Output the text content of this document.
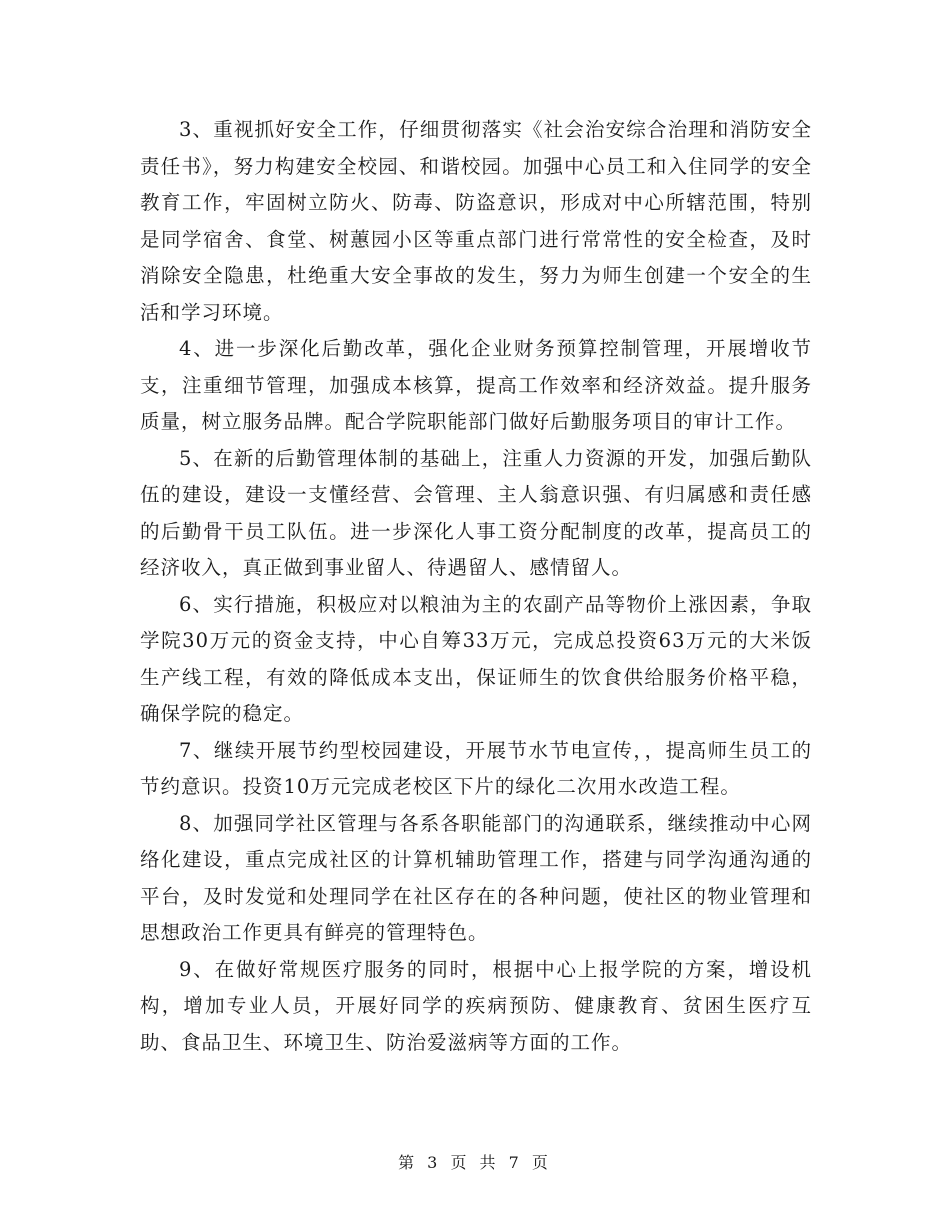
3、重视抓好安全工作，仔细贯彻落实《社会治安综合治理和消防安全责任书》，努力构建安全校园、和谐校园。加强中心员工和入住同学的安全教育工作，牢固树立防火、防毒、防盗意识，形成对中心所辖范围，特别是同学宿舍、食堂、树蕙园小区等重点部门进行常常性的安全检查，及时消除安全隐患，杜绝重大安全事故的发生，努力为师生创建一个安全的生活和学习环境。

4、进一步深化后勤改革，强化企业财务预算控制管理，开展增收节支，注重细节管理，加强成本核算，提高工作效率和经济效益。提升服务质量，树立服务品牌。配合学院职能部门做好后勤服务项目的审计工作。

5、在新的后勤管理体制的基础上，注重人力资源的开发，加强后勤队伍的建设，建设一支懂经营、会管理、主人翁意识强、有归属感和责任感的后勤骨干员工队伍。进一步深化人事工资分配制度的改革，提高员工的经济收入，真正做到事业留人、待遇留人、感情留人。

6、实行措施，积极应对以粮油为主的农副产品等物价上涨因素，争取学院30万元的资金支持，中心自筹33万元，完成总投资63万元的大米饭生产线工程，有效的降低成本支出，保证师生的饮食供给服务价格平稳，确保学院的稳定。

7、继续开展节约型校园建设，开展节水节电宣传，，提高师生员工的节约意识。投资10万元完成老校区下片的绿化二次用水改造工程。

8、加强同学社区管理与各系各职能部门的沟通联系，继续推动中心网络化建设，重点完成社区的计算机辅助管理工作，搭建与同学沟通沟通的平台，及时发觉和处理同学在社区存在的各种问题，使社区的物业管理和思想政治工作更具有鲜亮的管理特色。

9、在做好常规医疗服务的同时，根据中心上报学院的方案，增设机构，增加专业人员，开展好同学的疾病预防、健康教育、贫困生医疗互助、食品卫生、环境卫生、防治爱滋病等方面的工作。

第 3 页 共 7 页
